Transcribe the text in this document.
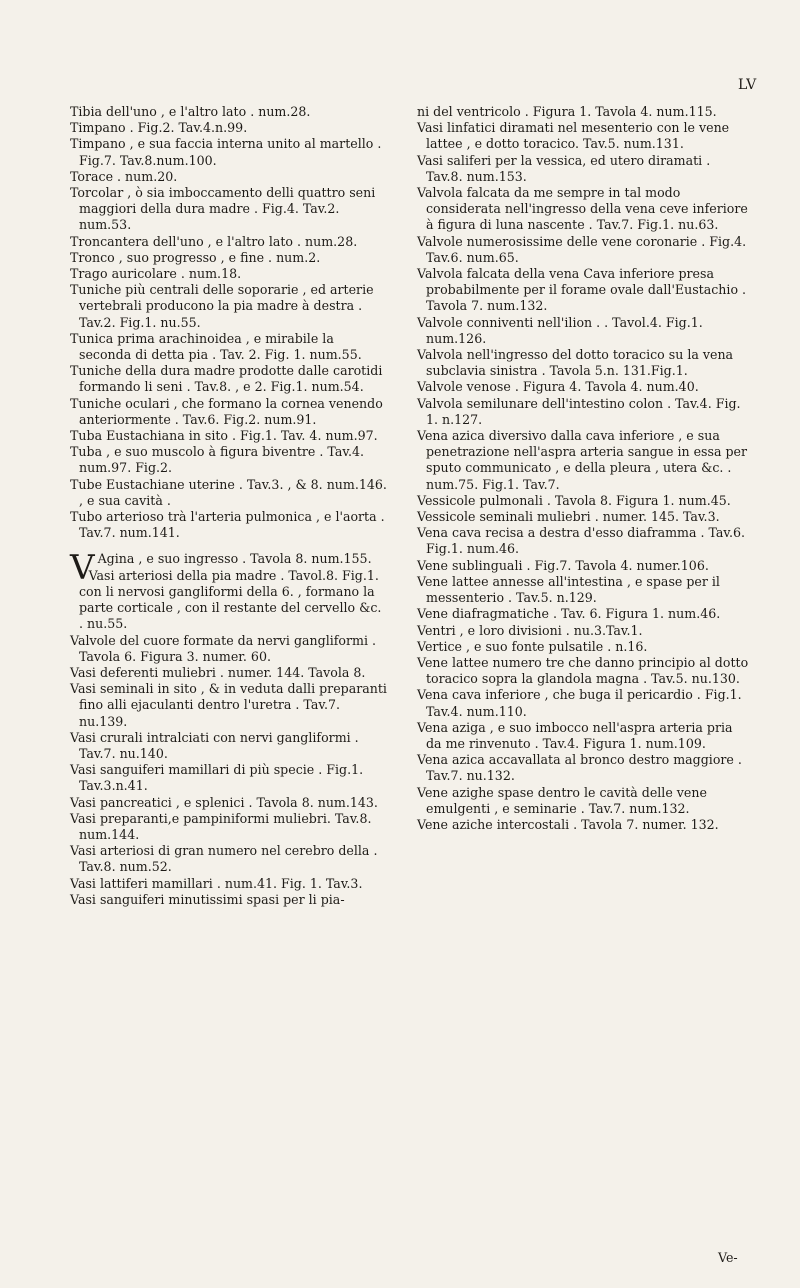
LV

Tibia dell'uno , e l'altro lato . num.28.

Timpano . Fig.2. Tav.4.n.99.

Timpano , e sua faccia interna unito al martello . Fig.7. Tav.8.num.100.

Torace . num.20.

Torcolar , ò sia imboccamento delli quattro seni maggiori della dura madre . Fig.4. Tav.2. num.53.

Troncantera dell'uno , e l'altro lato . num.28.

Tronco , suo progresso , e fine . num.2.

Trago auricolare . num.18.

Tuniche più centrali delle soporarie , ed arterie vertebrali producono la pia madre à destra . Tav.2. Fig.1. nu.55.

Tunica prima arachinoidea , e mirabile la seconda di detta pia . Tav. 2. Fig. 1. num.55.

Tuniche della dura madre prodotte dalle carotidi formando li seni . Tav.8. , e 2. Fig.1. num.54.

Tuniche oculari , che formano la cornea venendo anteriormente . Tav.6. Fig.2. num.91.

Tuba Eustachiana in sito . Fig.1. Tav. 4. num.97.

Tuba , e suo muscolo à figura biventre . Tav.4. num.97. Fig.2.

Tube Eustachiane uterine . Tav.3. , & 8. num.146. , e sua cavità .

Tubo arterioso trà l'arteria pulmonica , e l'aorta . Tav.7. num.141.

V Agina , e suo ingresso . Tavola 8. num.155.

Vasi arteriosi della pia madre . Tavol.8. Fig.1. con li nervosi gangliformi della 6. , formano la parte corticale , con il restante del cervello &c. . nu.55.

Valvole del cuore formate da nervi gangliformi . Tavola 6. Figura 3. numer. 60.

Vasi deferenti muliebri . numer. 144. Tavola 8.

Vasi seminali in sito , & in veduta dalli preparanti fino alli ejaculanti dentro l'uretra . Tav.7. nu.139.

Vasi crurali intralciati con nervi gangliformi . Tav.7. nu.140.

Vasi sanguiferi mamillari di più specie . Fig.1. Tav.3.n.41.

Vasi pancreatici , e splenici . Tavola 8. num.143.

Vasi preparanti,e pampiniformi muliebri. Tav.8. num.144.

Vasi arteriosi di gran numero nel cerebro della . Tav.8. num.52.

Vasi lattiferi mamillari . num.41. Fig. 1. Tav.3.

Vasi sanguiferi minutissimi spasi per li pia-

ni del ventricolo . Figura 1. Tavola 4. num.115.

Vasi linfatici diramati nel mesenterio con le vene lattee , e dotto toracico. Tav.5. num.131.

Vasi saliferi per la vessica, ed utero diramati . Tav.8. num.153.

Valvola falcata da me sempre in tal modo considerata nell'ingresso della vena ceve inferiore à figura di luna nascente . Tav.7. Fig.1. nu.63.

Valvole numerosissime delle vene coronarie . Fig.4. Tav.6. num.65.

Valvola falcata della vena Cava inferiore presa probabilmente per il forame ovale dall'Eustachio . Tavola 7. num.132.

Valvole conniventi nell'ilion . . Tavol.4. Fig.1. num.126.

Valvola nell'ingresso del dotto toracico su la vena subclavia sinistra . Tavola 5.n. 131.Fig.1.

Valvole venose . Figura 4. Tavola 4. num.40.

Valvola semilunare dell'intestino colon . Tav.4. Fig. 1. n.127.

Vena azica diversivo dalla cava inferiore , e sua penetrazione nell'aspra arteria sangue in essa per sputo communicato , e della pleura , utera &c. . num.75. Fig.1. Tav.7.

Vessicole pulmonali . Tavola 8. Figura 1. num.45.

Vessicole seminali muliebri . numer. 145. Tav.3.

Vena cava recisa a destra d'esso diaframma . Tav.6. Fig.1. num.46.

Vene sublinguali . Fig.7. Tavola 4. numer.106.

Vene lattee annesse all'intestina , e spase per il messenterio . Tav.5. n.129.

Vene diafragmatiche . Tav. 6. Figura 1. num.46.

Ventri , e loro divisioni . nu.3.Tav.1.

Vertice , e suo fonte pulsatile . n.16.

Vene lattee numero tre che danno principio al dotto toracico sopra la glandola magna . Tav.5. nu.130.

Vena cava inferiore , che buga il pericardio . Fig.1. Tav.4. num.110.

Vena aziga , e suo imbocco nell'aspra arteria pria da me rinvenuto . Tav.4. Figura 1. num.109.

Vena azica accavallata al bronco destro maggiore . Tav.7. nu.132.

Vene azighe spase dentro le cavità delle vene emulgenti , e seminarie . Tav.7. num.132.

Vene aziche intercostali . Tavola 7. numer. 132.

Ve-
